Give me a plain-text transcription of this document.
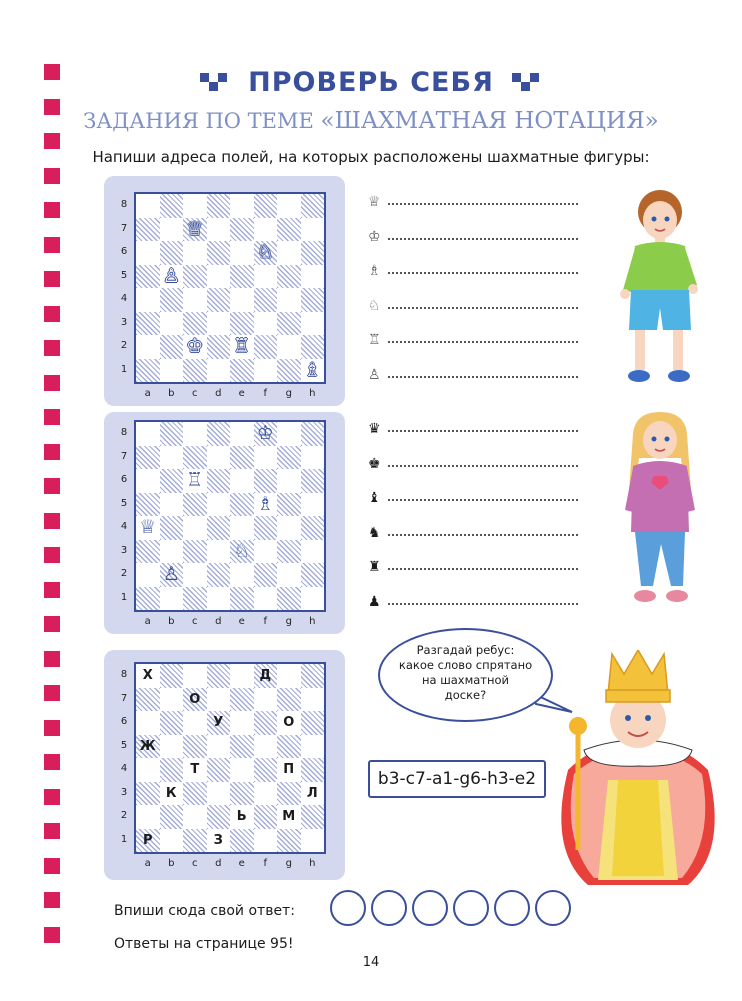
ПРОВЕРЬ СЕБЯ
ЗАДАНИЯ ПО ТЕМЕ «ШАХМАТНАЯ НОТАЦИЯ»
Напиши адреса полей, на которых расположены шахматные фигуры:
♕
♘
♙
♔ ♖
♗
8
7
6
5
4
3
2
1
a	b	c	d	e	f	g	h
♔
♖
♗
♕
♘
♙
8
7
6
5
4
3
2
1
a	b	c	d	e	f	g	h
Х	Д
О
У	О
Ж
Т	П
К	Л
Ь	М
Р	З
8
7
6
5
4
3
2
1
a	b	c	d	e	f	g	h
♕
♔
♗
♘
♖
♙
♛
♚
♝
♞
♜
♟
Разгадай ребус:
какое слово спрятано
на шахматной
доске?
b3-c7-a1-g6-h3-e2
Впиши сюда свой ответ:
Ответы на странице 95!
14
